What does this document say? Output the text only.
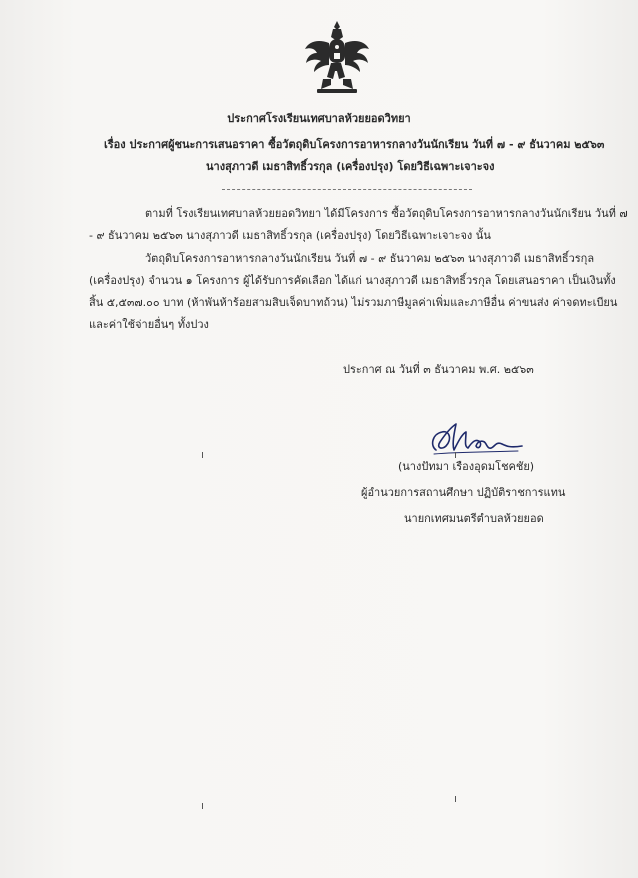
ประกาศโรงเรียนเทศบาลห้วยยอดวิทยา
เรื่อง ประกาศผู้ชนะการเสนอราคา ซื้อวัตถุดิบโครงการอาหารกลางวันนักเรียน วันที่ ๗ - ๙ ธันวาคม ๒๕๖๓
นางสุภาวดี เมธาสิทธิ์วรกุล (เครื่องปรุง) โดยวิธีเฉพาะเจาะจง
ตามที่ โรงเรียนเทศบาลห้วยยอดวิทยา ได้มีโครงการ ซื้อวัตถุดิบโครงการอาหารกลางวันนักเรียน วันที่ ๗
- ๙ ธันวาคม ๒๕๖๓ นางสุภาวดี เมธาสิทธิ์วรกุล (เครื่องปรุง) โดยวิธีเฉพาะเจาะจง นั้น
วัตถุดิบโครงการอาหารกลางวันนักเรียน วันที่ ๗ - ๙ ธันวาคม ๒๕๖๓ นางสุภาวดี เมธาสิทธิ์วรกุล
(เครื่องปรุง) จำนวน ๑ โครงการ ผู้ได้รับการคัดเลือก ได้แก่ นางสุภาวดี เมธาสิทธิ์วรกุล โดยเสนอราคา เป็นเงินทั้ง
สิ้น ๕,๕๓๗.๐๐ บาท (ห้าพันห้าร้อยสามสิบเจ็ดบาทถ้วน) ไม่รวมภาษีมูลค่าเพิ่มและภาษีอื่น ค่าขนส่ง ค่าจดทะเบียน
และค่าใช้จ่ายอื่นๆ ทั้งปวง
ประกาศ ณ วันที่ ๓ ธันวาคม พ.ศ. ๒๕๖๓
(นางปัทมา เรืองอุดมโชคชัย)
ผู้อำนวยการสถานศึกษา ปฏิบัติราชการแทน
นายกเทศมนตรีตำบลห้วยยอด
